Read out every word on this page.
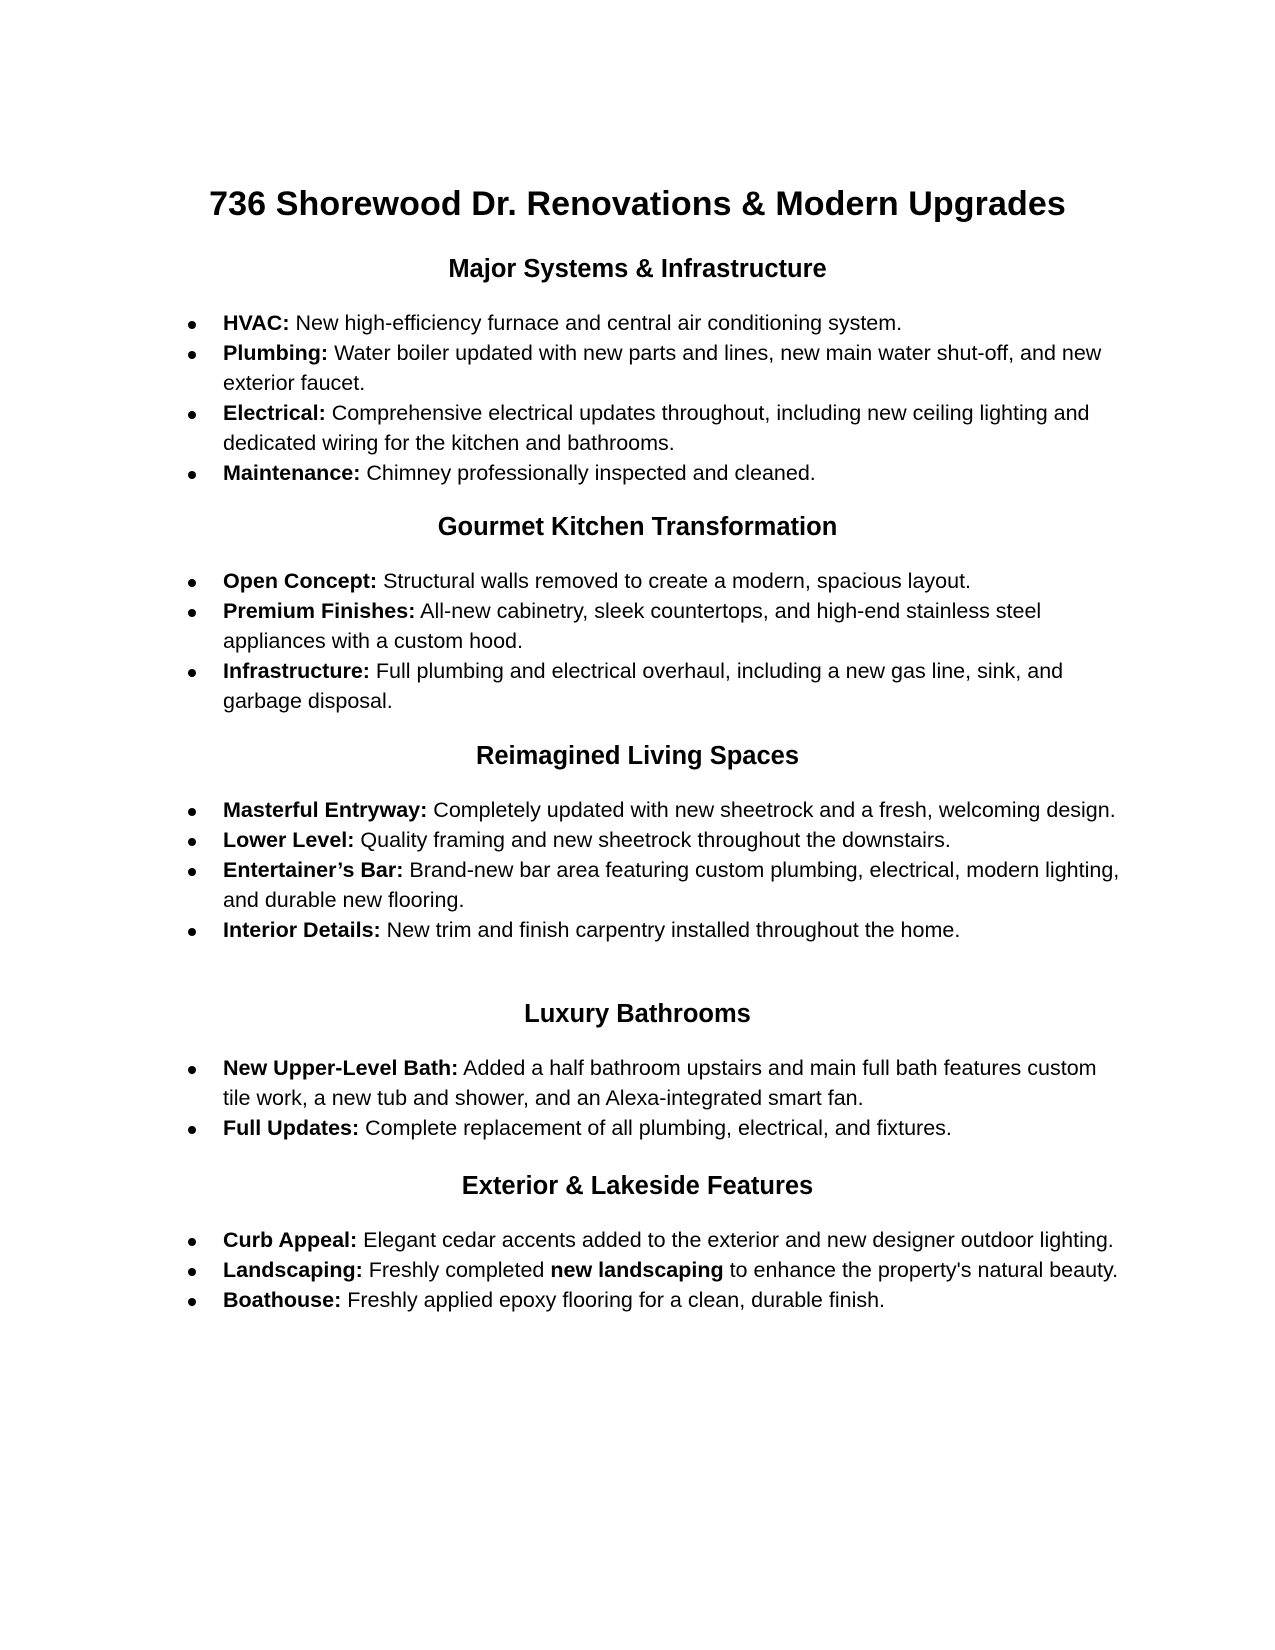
736 Shorewood Dr. Renovations & Modern Upgrades
Major Systems & Infrastructure
HVAC: New high-efficiency furnace and central air conditioning system.
Plumbing: Water boiler updated with new parts and lines, new main water shut-off, and new exterior faucet.
Electrical: Comprehensive electrical updates throughout, including new ceiling lighting and dedicated wiring for the kitchen and bathrooms.
Maintenance: Chimney professionally inspected and cleaned.
Gourmet Kitchen Transformation
Open Concept: Structural walls removed to create a modern, spacious layout.
Premium Finishes: All-new cabinetry, sleek countertops, and high-end stainless steel appliances with a custom hood.
Infrastructure: Full plumbing and electrical overhaul, including a new gas line, sink, and garbage disposal.
Reimagined Living Spaces
Masterful Entryway: Completely updated with new sheetrock and a fresh, welcoming design.
Lower Level: Quality framing and new sheetrock throughout the downstairs.
Entertainer’s Bar: Brand-new bar area featuring custom plumbing, electrical, modern lighting, and durable new flooring.
Interior Details: New trim and finish carpentry installed throughout the home.
Luxury Bathrooms
New Upper-Level Bath: Added a half bathroom upstairs and main full bath features custom tile work, a new tub and shower, and an Alexa-integrated smart fan.
Full Updates: Complete replacement of all plumbing, electrical, and fixtures.
Exterior & Lakeside Features
Curb Appeal: Elegant cedar accents added to the exterior and new designer outdoor lighting.
Landscaping: Freshly completed new landscaping to enhance the property's natural beauty.
Boathouse: Freshly applied epoxy flooring for a clean, durable finish.
